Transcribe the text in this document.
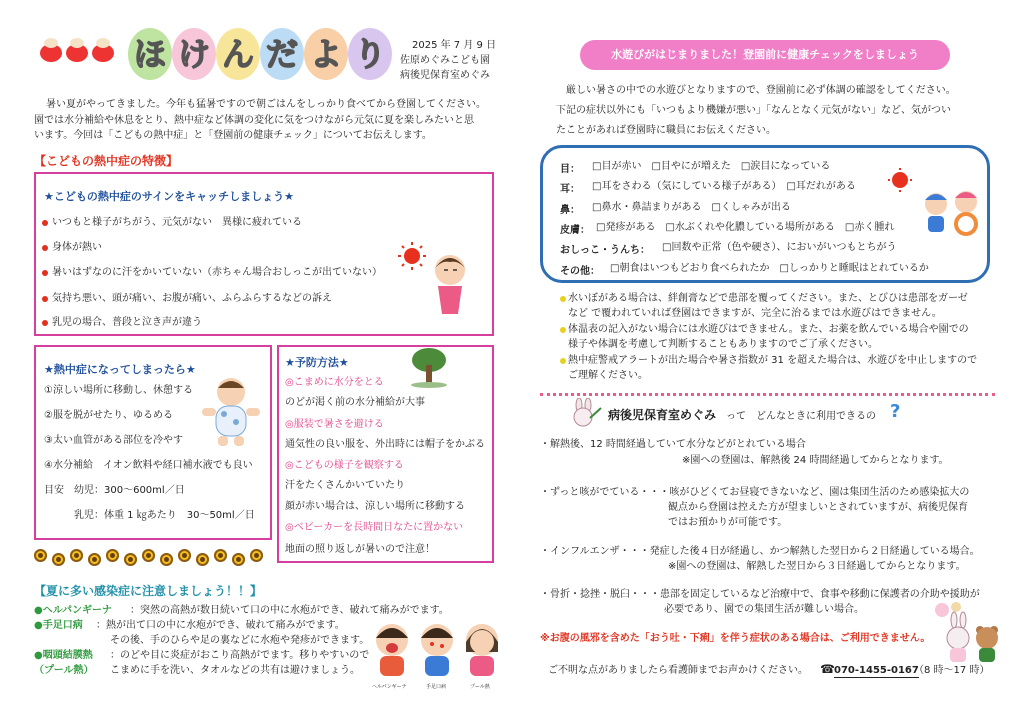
ほ け ん だ よ り	2025 年 7 月 9 日
佐原めぐみこども園
病後児保育室めぐみ
暑い夏がやってきました。今年も猛暑ですので朝ごはんをしっかり食べてから登園してください。
園では水分補給や休息をとり、熱中症など体調の変化に気をつけながら元気に夏を楽しみたいと思
います。今回は「こどもの熱中症」と「登園前の健康チェック」についてお伝えします。
【こどもの熱中症の特徴】
★こどもの熱中症のサインをキャッチしましょう★
いつもと様子がちがう、元気がない　異様に疲れている
身体が熱い
暑いはずなのに汗をかいていない（赤ちゃん場合おしっこが出ていない）
気持ち悪い、頭が痛い、お腹が痛い、ふらふらするなどの訴え
乳児の場合、普段と泣き声が違う
★熱中症になってしまったら★
①涼しい場所に移動し、休憩する
②服を脱がせたり、ゆるめる
③太い血管がある部位を冷やす
④水分補給　イオン飲料や経口補水液でも良い
目安 幼児：300～600ml／日
乳児：体重 1 ㎏あたり　30～50ml／日
★予防方法★
◎こまめに水分をとる
のどが渇く前の水分補給が大事
◎服装で暑さを避ける
通気性の良い服を、外出時には帽子をかぶる
◎こどもの様子を観察する
汗をたくさんかいていたり
顔が赤い場合は、涼しい場所に移動する
◎ベビーカーを長時間日なたに置かない
地面の照り返しが暑いので注意！
【夏に多い感染症に注意しましょう！！】
●ヘルパンギーナ ：突然の高熱が数日続いて口の中に水疱ができ、破れて痛みがでます。
●手足口病 ：熱が出て口の中に水疱ができ、破れて痛みがでます。
その後、手のひらや足の裏などに水疱や発疹ができます。
●咽頭結膜熱 ：のどや目に炎症がおこり高熱がでます。移りやすいので
（プール熱） こまめに手を洗い、タオルなどの共有は避けましょう。
ヘルパンギーナ	手足口病	プール熱
水遊びがはじまりました！登園前に健康チェックをしましょう
厳しい暑さの中での水遊びとなりますので、登園前に必ず体調の確認をしてください。
下記の症状以外にも「いつもより機嫌が悪い」「なんとなく元気がない」など、気がつい
たことがあれば登園時に職員にお伝えください。
目： □目が赤い　□目やにが増えた　□涙目になっている
耳： □耳をさわる（気にしている様子がある）　□耳だれがある
鼻： □鼻水・鼻詰まりがある　□くしゃみが出る
皮膚： □発疹がある　□水ぶくれや化膿している場所がある　□赤く腫れ
おしっこ・うんち： □回数や正常（色や硬さ）、においがいつもとちがう
その他： □朝食はいつもどおり食べられたか　□しっかりと睡眠はとれているか
水いぼがある場合は、絆創膏などで患部を覆ってください。また、とびひは患部をガーゼ
など で覆われていれば登園はできますが、完全に治るまでは水遊びはできません。
体温表の記入がない場合には水遊びはできません。また、お薬を飲んでいる場合や園での
様子や体調を考慮して判断することもありますのでご了承ください。
熱中症警戒アラートが出た場合や暑さ指数が 31 を超えた場合は、水遊びを中止しますので
ご理解ください。
病後児保育室めぐみ って　どんなときに利用できるの ?
・解熱後、12 時間経過していて水分などがとれている場合
※園への登園は、解熱後 24 時間経過してからとなります。
・ずっと咳がでている・・・咳がひどくてお昼寝できないなど、園は集団生活のため感染拡大の
観点から登園は控えた方が望ましいとされていますが、病後児保育
ではお預かりが可能です。
・インフルエンザ・・・発症した後４日が経過し、かつ解熱した翌日から２日経過している場合。
※園への登園は、解熱した翌日から３日経過してからとなります。
・骨折・捻挫・脱臼・・・患部を固定しているなど治療中で、食事や移動に保護者の介助や援助が
必要であり、園での集団生活が難しい場合。
※お腹の風邪を含めた「おう吐・下痢」を伴う症状のある場合は、ご利用できません。
ご不明な点がありましたら看護師までお声かけください。 ☎ 070-1455-0167
（8 時～17 時）
